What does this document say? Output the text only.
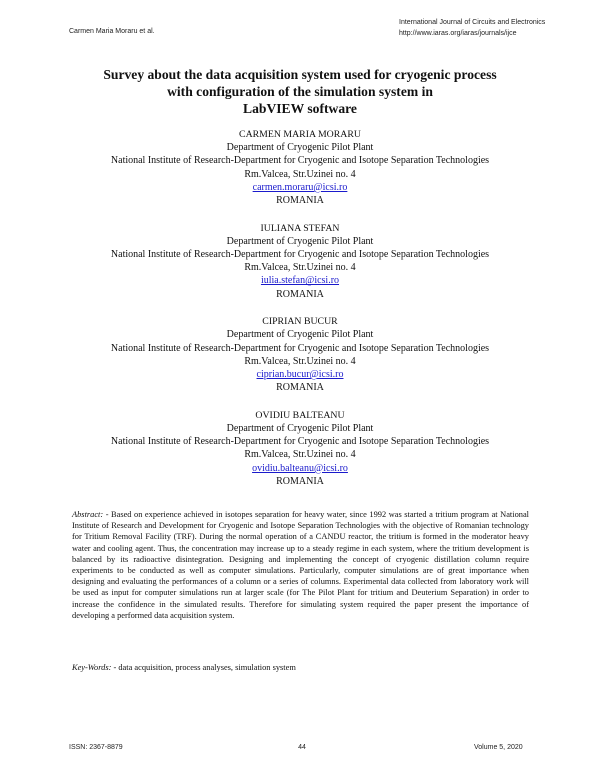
Carmen Maria Moraru et al.
International Journal of Circuits and Electronics
http://www.iaras.org/iaras/journals/ijce
Survey about the data acquisition system used for cryogenic process
with configuration of the simulation system in
LabVIEW software
CARMEN MARIA MORARU
Department of Cryogenic Pilot Plant
National Institute of Research-Department for Cryogenic and Isotope Separation Technologies
Rm.Valcea, Str.Uzinei no. 4
carmen.moraru@icsi.ro
ROMANIA
IULIANA STEFAN
Department of Cryogenic Pilot Plant
National Institute of Research-Department for Cryogenic and Isotope Separation Technologies
Rm.Valcea, Str.Uzinei no. 4
iulia.stefan@icsi.ro
ROMANIA
CIPRIAN BUCUR
Department of Cryogenic Pilot Plant
National Institute of Research-Department for Cryogenic and Isotope Separation Technologies
Rm.Valcea, Str.Uzinei no. 4
ciprian.bucur@icsi.ro
ROMANIA
OVIDIU BALTEANU
Department of Cryogenic Pilot Plant
National Institute of Research-Department for Cryogenic and Isotope Separation Technologies
Rm.Valcea, Str.Uzinei no. 4
ovidiu.balteanu@icsi.ro
ROMANIA
Abstract: - Based on experience achieved in isotopes separation for heavy water, since 1992 was started a tritium program at National Institute of Research and Development for Cryogenic and Isotope Separation Technologies with the objective of Romanian technology for Tritium Removal Facility (TRF). During the normal operation of a CANDU reactor, the tritium is formed in the moderator heavy water and cooling agent. Thus, the concentration may increase up to a steady regime in each system, where the tritium development is balanced by its radioactive disintegration. Designing and implementing the concept of cryogenic distillation column require experiments to be conducted as well as computer simulations. Particularly, computer simulations are of great importance when designing and evaluating the performances of a column or a series of columns. Experimental data collected from laboratory work will be used as input for computer simulations run at larger scale (for The Pilot Plant for tritium and Deuterium Separation) in order to increase the confidence in the simulated results. Therefore for simulating system required the paper present the importance of developing a performed data acquisition system.
Key-Words: - data acquisition, process analyses, simulation system
ISSN: 2367-8879	44	Volume 5, 2020
